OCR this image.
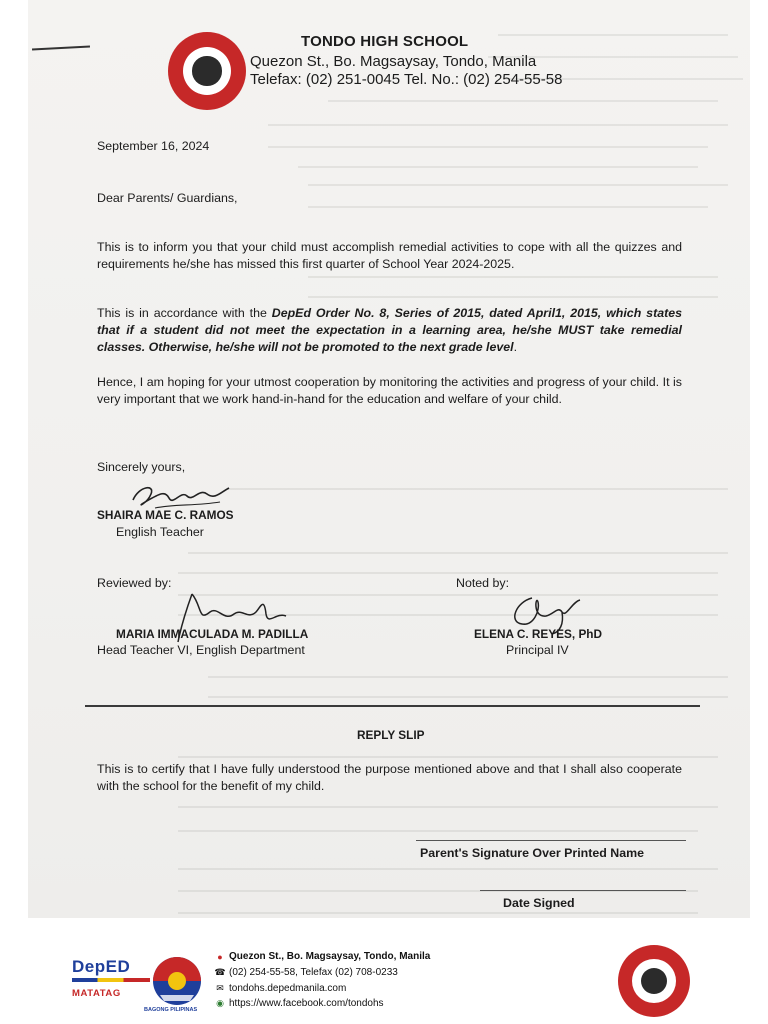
TONDO HIGH SCHOOL
Quezon St., Bo. Magsaysay, Tondo, Manila
Telefax: (02) 251-0045 Tel. No.: (02) 254-55-58
September 16, 2024
Dear Parents/ Guardians,
This is to inform you that your child must accomplish remedial activities to cope with all the quizzes and requirements he/she has missed this first quarter of School Year 2024-2025.
This is in accordance with the DepEd Order No. 8, Series of 2015, dated April1, 2015, which states that if a student did not meet the expectation in a learning area, he/she MUST take remedial classes. Otherwise, he/she will not be promoted to the next grade level.
Hence, I am hoping for your utmost cooperation by monitoring the activities and progress of your child. It is very important that we work hand-in-hand for the education and welfare of your child.
Sincerely yours,
SHAIRA MAE C. RAMOS
English Teacher
Reviewed by:	Noted by:
MARIA IMMACULADA M. PADILLA
Head Teacher VI, English Department
ELENA C. REYES, PhD
Principal IV
REPLY SLIP
This is to certify that I have fully understood the purpose mentioned above and that I shall also cooperate with the school for the benefit of my child.
Parent's Signature Over Printed Name
Date Signed
DepED
MATATAG
BAGONG PILIPINAS
● Quezon St., Bo. Magsaysay, Tondo, Manila
☎ (02) 254-55-58, Telefax (02) 708-0233
✉ tondohs.depedmanila.com
◉ https://www.facebook.com/tondohs
